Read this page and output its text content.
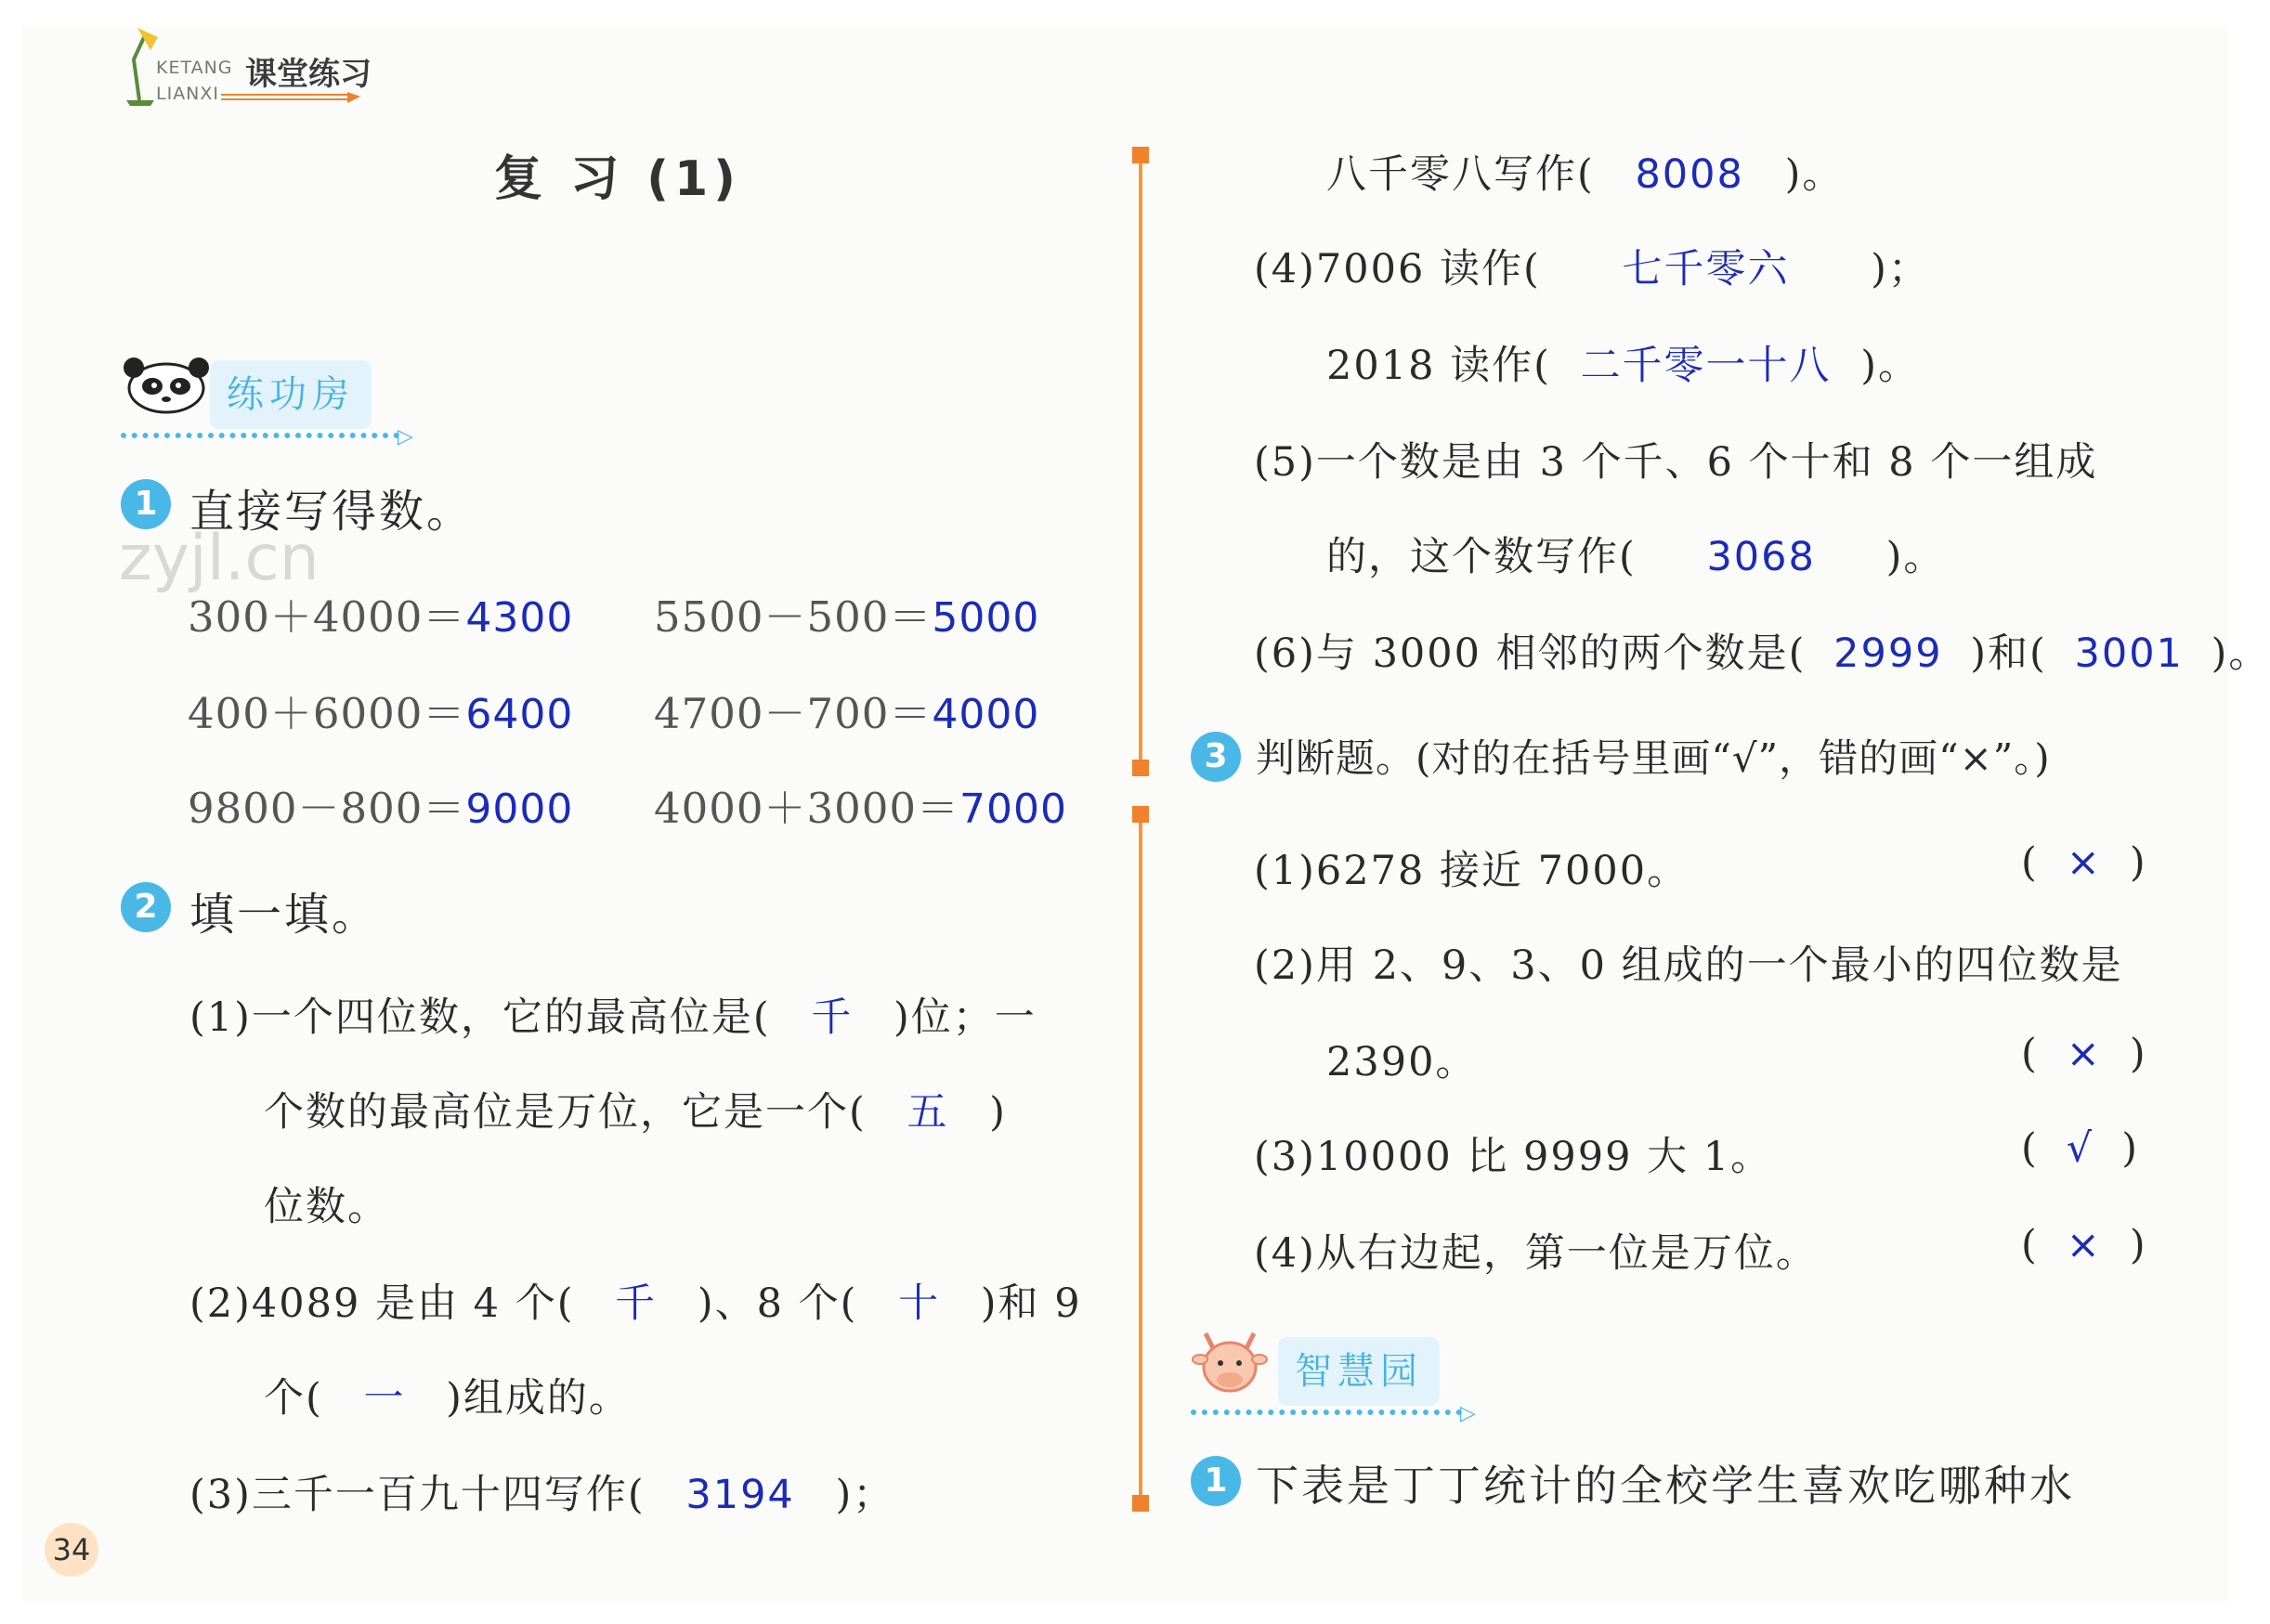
KETANG 课堂练习
LIANXI
复 习 (1)
练功房
▷
1 直接写得数。
zyjl.cn
300＋4000＝4300 5500－500＝5000
400＋6000＝6400 4700－700＝4000
9800－800＝9000 4000＋3000＝7000
2 填一填。
(1)一个四位数，它的最高位是( 千 )位；一
个数的最高位是万位，它是一个( 五 )
位数。
(2)4089 是由 4 个( 千 )、8 个( 十 )和 9
个( 一 )组成的。
(3)三千一百九十四写作( 3194 )；
34
八千零八写作( 8008 )。
(4)7006 读作( 七千零六 )；
2018 读作( 二千零一十八 )。
(5)一个数是由 3 个千、6 个十和 8 个一组成
的，这个数写作( 3068 )。
(6)与 3000 相邻的两个数是( 2999 )和( 3001 )。
3 判断题。(对的在括号里画“√”，错的画“×”。)
(1)6278 接近 7000。	( × )
(2)用 2、9、3、0 组成的一个最小的四位数是
2390。	( × )
(3)10000 比 9999 大 1。	( √ )
(4)从右边起，第一位是万位。	( × )
智慧园
▷
1 下表是丁丁统计的全校学生喜欢吃哪种水
